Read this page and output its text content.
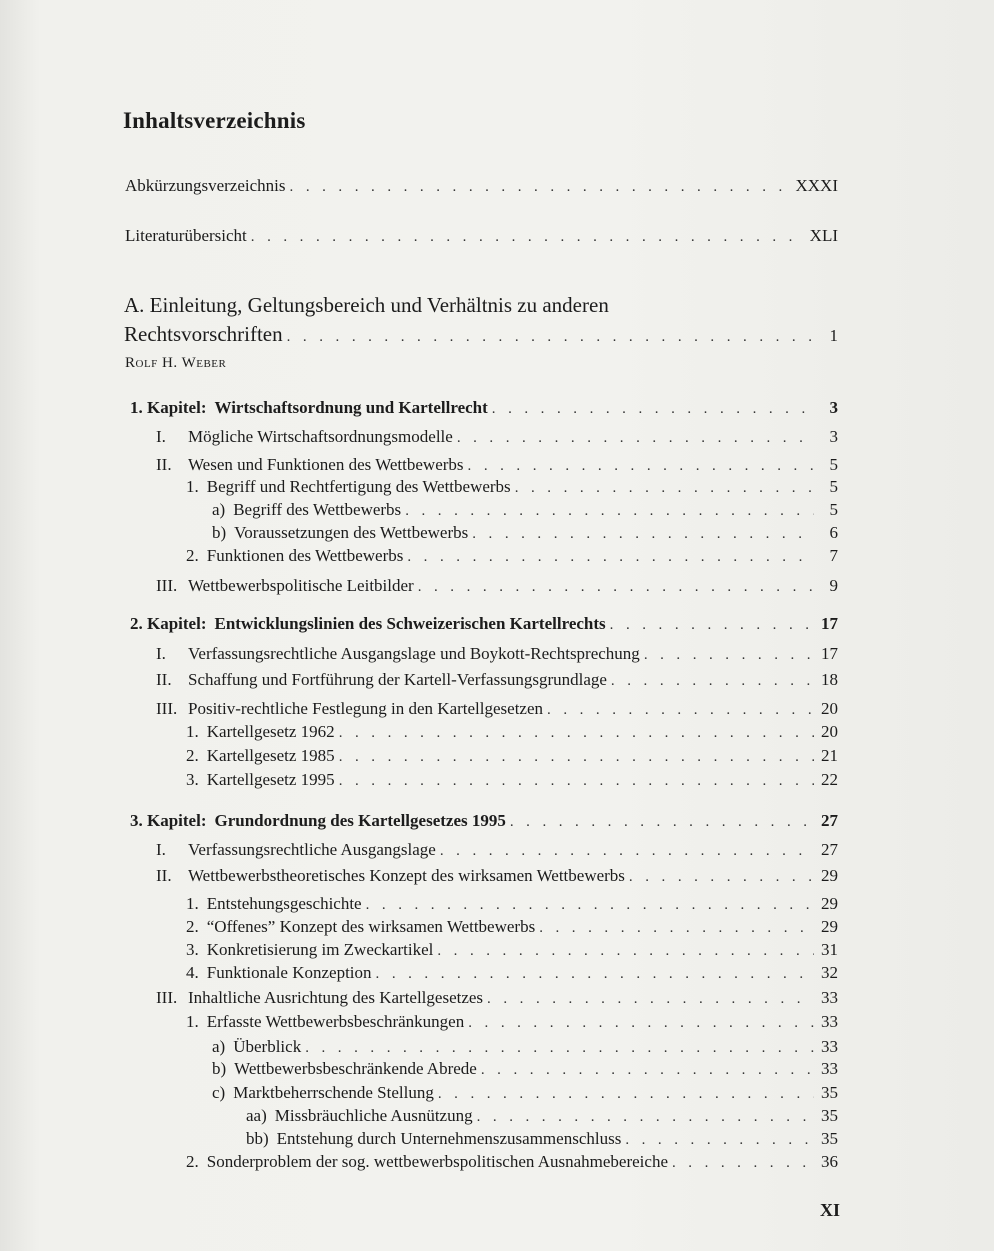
Inhaltsverzeichnis
Abkürzungsverzeichnis . . .	XXXI
Literaturübersicht . . .	XLI
A. Einleitung, Geltungsbereich und Verhältnis zu anderen
Rechtsvorschriften . . .	1
Rolf H. Weber
1. Kapitel: Wirtschaftsordnung und Kartellrecht . . .	3
I.	Mögliche Wirtschaftsordnungsmodelle . . .	3
II. Wesen und Funktionen des Wettbewerbs . . .	5
1. Begriff und Rechtfertigung des Wettbewerbs . . .	5
a) Begriff des Wettbewerbs . . .	5
b) Voraussetzungen des Wettbewerbs . . .	6
2. Funktionen des Wettbewerbs . . .	7
III. Wettbewerbspolitische Leitbilder . . .	9
2. Kapitel: Entwicklungslinien des Schweizerischen Kartellrechts . . .	17
I.	Verfassungsrechtliche Ausgangslage und Boykott-Rechtsprechung . . .	17
II. Schaffung und Fortführung der Kartell-Verfassungsgrundlage . . .	18
III. Positiv-rechtliche Festlegung in den Kartellgesetzen . . .	20
1. Kartellgesetz 1962 . . .	20
2. Kartellgesetz 1985 . . .	21
3. Kartellgesetz 1995 . . .	22
3. Kapitel: Grundordnung des Kartellgesetzes 1995 . . .	27
I.	Verfassungsrechtliche Ausgangslage . . .	27
II. Wettbewerbstheoretisches Konzept des wirksamen Wettbewerbs . . .	29
1. Entstehungsgeschichte . . .	29
2. “Offenes” Konzept des wirksamen Wettbewerbs . . .	29
3. Konkretisierung im Zweckartikel . . .	31
4. Funktionale Konzeption . . .	32
III. Inhaltliche Ausrichtung des Kartellgesetzes . . .	33
1. Erfasste Wettbewerbsbeschränkungen . . .	33
a) Überblick . . .	33
b) Wettbewerbsbeschränkende Abrede . . .	33
c) Marktbeherrschende Stellung . . .	35
aa) Missbräuchliche Ausnützung . . .	35
bb) Entstehung durch Unternehmenszusammenschluss . . .	35
2. Sonderproblem der sog. wettbewerbspolitischen Ausnahmebereiche . . .	36
XI
